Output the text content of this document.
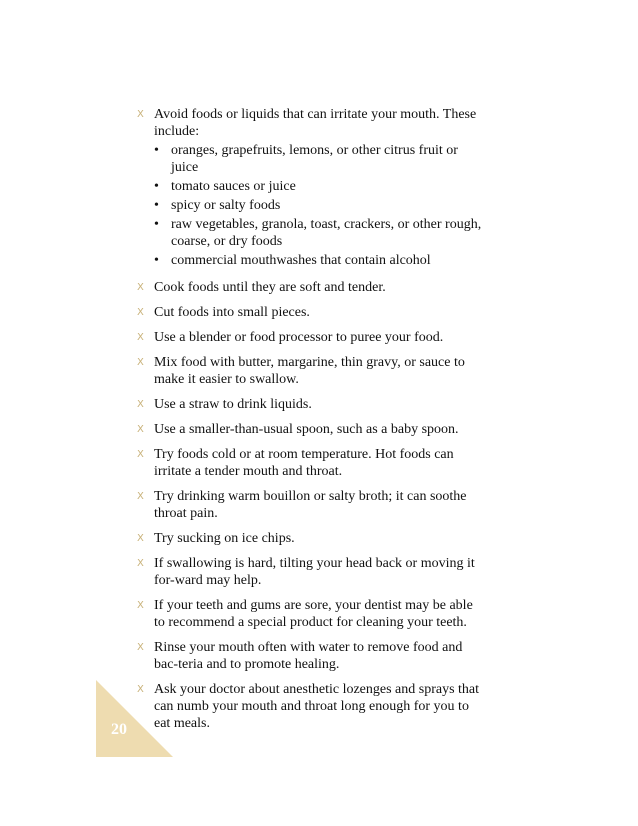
X Avoid foods or liquids that can irritate your mouth. These include:
• oranges, grapefruits, lemons, or other citrus fruit or juice
• tomato sauces or juice
• spicy or salty foods
• raw vegetables, granola, toast, crackers, or other rough, coarse, or dry foods
• commercial mouthwashes that contain alcohol
X Cook foods until they are soft and tender.
X Cut foods into small pieces.
X Use a blender or food processor to puree your food.
X Mix food with butter, margarine, thin gravy, or sauce to make it easier to swallow.
X Use a straw to drink liquids.
X Use a smaller-than-usual spoon, such as a baby spoon.
X Try foods cold or at room temperature. Hot foods can irritate a tender mouth and throat.
X Try drinking warm bouillon or salty broth; it can soothe throat pain.
X Try sucking on ice chips.
X If swallowing is hard, tilting your head back or moving it for-ward may help.
X If your teeth and gums are sore, your dentist may be able to recommend a special product for cleaning your teeth.
X Rinse your mouth often with water to remove food and bac-teria and to promote healing.
X Ask your doctor about anesthetic lozenges and sprays that can numb your mouth and throat long enough for you to eat meals.
20
